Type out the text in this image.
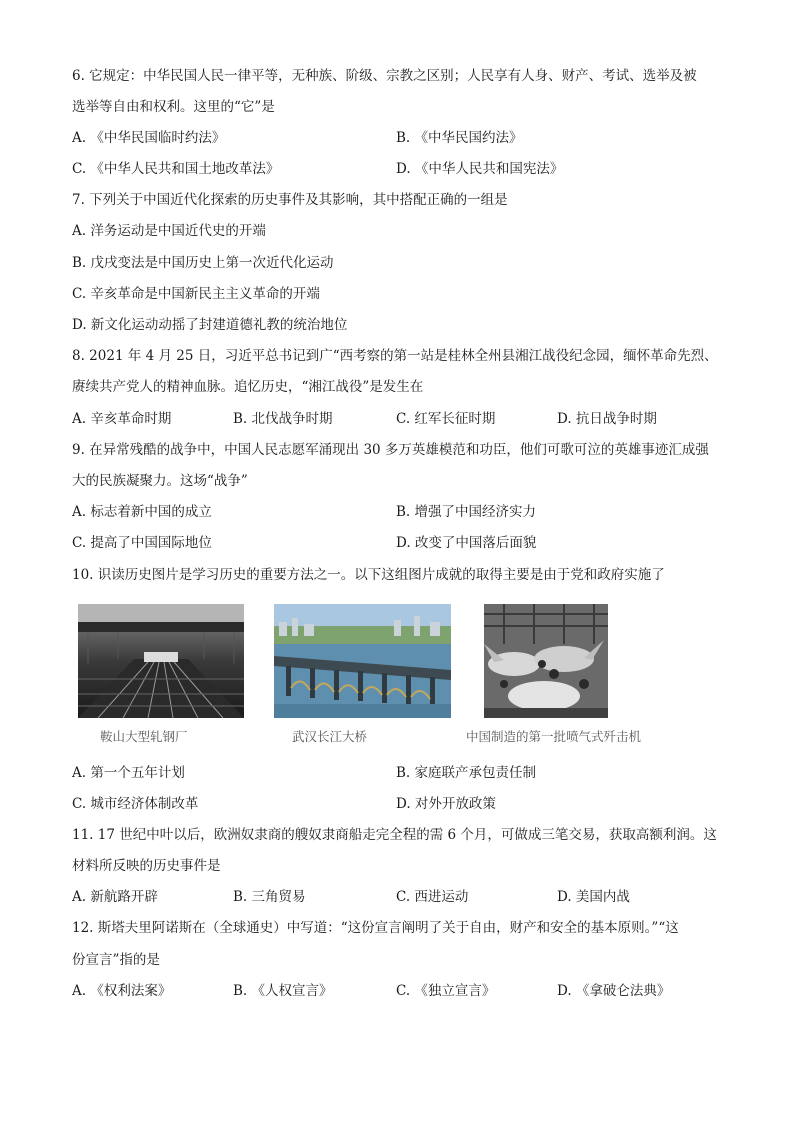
6. 它规定：中华民国人民一律平等，无种族、阶级、宗教之区别；人民享有人身、财产、考试、选举及被
选举等自由和权利。这里的“它”是
A. 《中华民国临时约法》	B. 《中华民国约法》
C. 《中华人民共和国土地改革法》	D. 《中华人民共和国宪法》
7. 下列关于中国近代化探索的历史事件及其影响，其中搭配正确的一组是
A. 洋务运动是中国近代史的开端
B. 戊戌变法是中国历史上第一次近代化运动
C. 辛亥革命是中国新民主主义革命的开端
D. 新文化运动动摇了封建道德礼教的统治地位
8. 2021 年 4 月 25 日，习近平总书记到广“西考察的第一站是桂林全州县湘江战役纪念园，缅怀革命先烈、
赓续共产党人的精神血脉。追忆历史，“湘江战役”是发生在
A. 辛亥革命时期	B. 北伐战争时期	C. 红军长征时期	D. 抗日战争时期
9. 在异常残酷的战争中，中国人民志愿军涌现出 30 多万英雄模范和功臣，他们可歌可泣的英雄事迹汇成强
大的民族凝聚力。这场“战争”
A. 标志着新中国的成立	B. 增强了中国经济实力
C. 提高了中国国际地位	D. 改变了中国落后面貌
10. 识读历史图片是学习历史的重要方法之一。以下这组图片成就的取得主要是由于党和政府实施了
鞍山大型轧钢厂	武汉长江大桥	中国制造的第一批喷气式歼击机
A. 第一个五年计划	B. 家庭联产承包责任制
C. 城市经济体制改革	D. 对外开放政策
11. 17 世纪中叶以后，欧洲奴隶商的艘奴隶商船走完全程的需 6 个月，可做成三笔交易，获取高额利润。这
材料所反映的历史事件是
A. 新航路开辟	B. 三角贸易	C. 西进运动	D. 美国内战
12. 斯塔夫里阿诺斯在（全球通史）中写道：“这份宣言阐明了关于自由，财产和安全的基本原则。”“这
份宣言”指的是
A. 《权利法案》	B. 《人权宣言》	C. 《独立宣言》	D. 《拿破仑法典》
